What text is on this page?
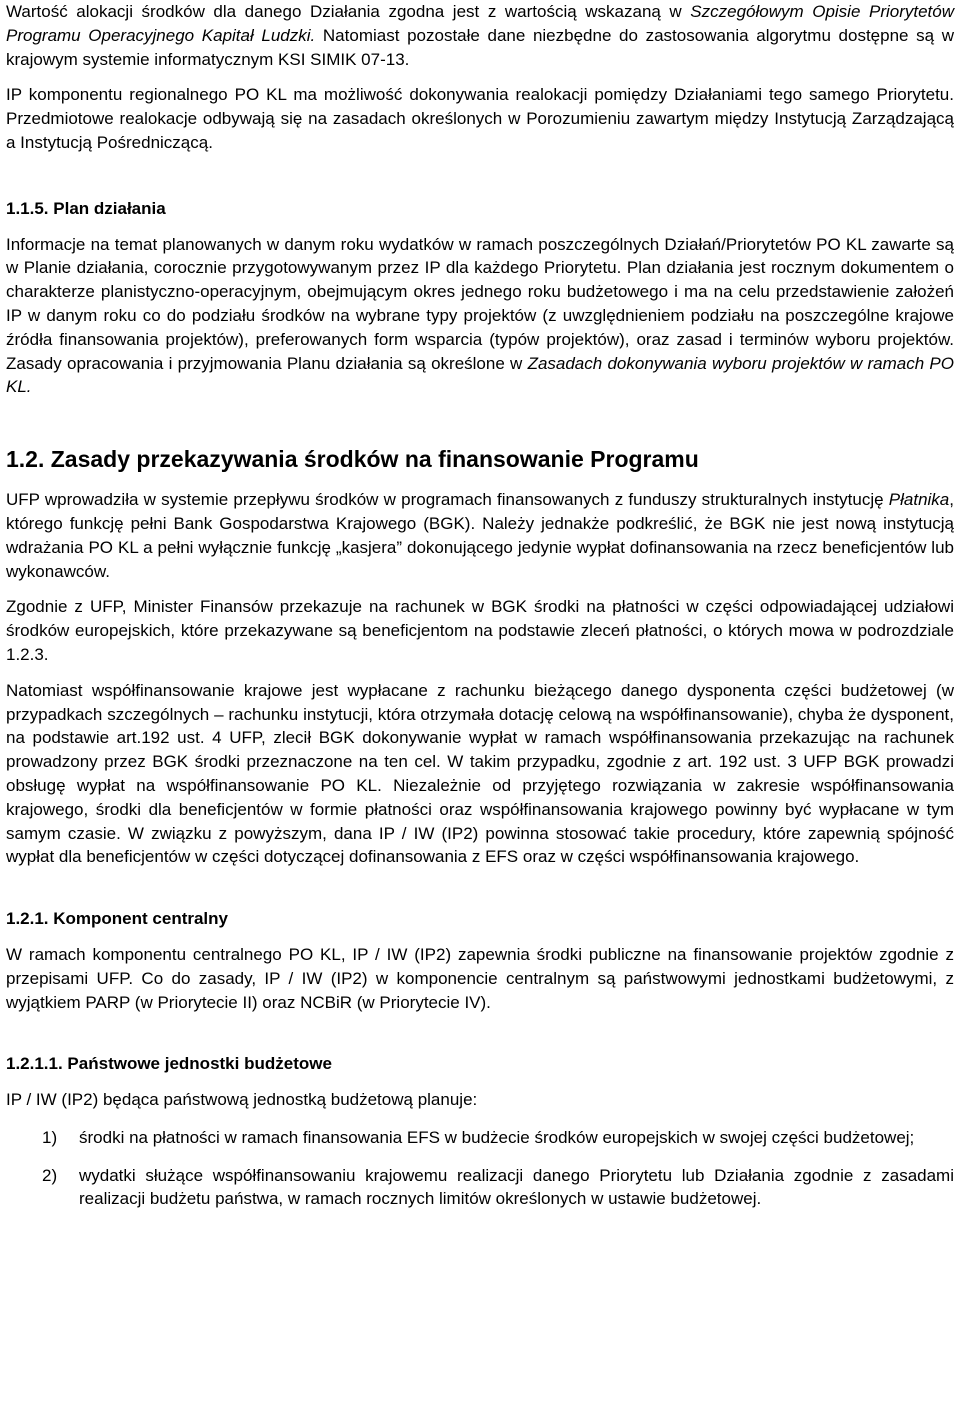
Wartość alokacji środków dla danego Działania zgodna jest z wartością wskazaną w Szczegółowym Opisie Priorytetów Programu Operacyjnego Kapitał Ludzki. Natomiast pozostałe dane niezbędne do zastosowania algorytmu dostępne są w krajowym systemie informatycznym KSI SIMIK 07-13.

IP komponentu regionalnego PO KL ma możliwość dokonywania realokacji pomiędzy Działaniami tego samego Priorytetu. Przedmiotowe realokacje odbywają się na zasadach określonych w Porozumieniu zawartym między Instytucją Zarządzającą a Instytucją Pośredniczącą.

1.1.5. Plan działania

Informacje na temat planowanych w danym roku wydatków w ramach poszczególnych Działań/Priorytetów PO KL zawarte są w Planie działania, corocznie przygotowywanym przez IP dla każdego Priorytetu. Plan działania jest rocznym dokumentem o charakterze planistyczno-operacyjnym, obejmującym okres jednego roku budżetowego i ma na celu przedstawienie założeń IP w danym roku co do podziału środków na wybrane typy projektów (z uwzględnieniem podziału na poszczególne krajowe źródła finansowania projektów), preferowanych form wsparcia (typów projektów), oraz zasad i terminów wyboru projektów. Zasady opracowania i przyjmowania Planu działania są określone w Zasadach dokonywania wyboru projektów w ramach PO KL.

1.2. Zasady przekazywania środków na finansowanie Programu

UFP wprowadziła w systemie przepływu środków w programach finansowanych z funduszy strukturalnych instytucję Płatnika, którego funkcję pełni Bank Gospodarstwa Krajowego (BGK). Należy jednakże podkreślić, że BGK nie jest nową instytucją wdrażania PO KL a pełni wyłącznie funkcję „kasjera” dokonującego jedynie wypłat dofinansowania na rzecz beneficjentów lub wykonawców.

Zgodnie z UFP, Minister Finansów przekazuje na rachunek w BGK środki na płatności w części odpowiadającej udziałowi środków europejskich, które przekazywane są beneficjentom na podstawie zleceń płatności, o których mowa w podrozdziale 1.2.3.

Natomiast współfinansowanie krajowe jest wypłacane z rachunku bieżącego danego dysponenta części budżetowej (w przypadkach szczególnych – rachunku instytucji, która otrzymała dotację celową na współfinansowanie), chyba że dysponent, na podstawie art.192 ust. 4 UFP, zlecił BGK dokonywanie wypłat w ramach współfinansowania przekazując na rachunek prowadzony przez BGK środki przeznaczone na ten cel. W takim przypadku, zgodnie z art. 192 ust. 3 UFP BGK prowadzi obsługę wypłat na współfinansowanie PO KL. Niezależnie od przyjętego rozwiązania w zakresie współfinansowania krajowego, środki dla beneficjentów w formie płatności oraz współfinansowania krajowego powinny być wypłacane w tym samym czasie. W związku z powyższym, dana IP / IW (IP2) powinna stosować takie procedury, które zapewnią spójność wypłat dla beneficjentów w części dotyczącej dofinansowania z EFS oraz w części współfinansowania krajowego.

1.2.1. Komponent centralny

W ramach komponentu centralnego PO KL, IP / IW (IP2) zapewnia środki publiczne na finansowanie projektów zgodnie z przepisami UFP. Co do zasady, IP / IW (IP2) w komponencie centralnym są państwowymi jednostkami budżetowymi, z wyjątkiem PARP (w Priorytecie II) oraz NCBiR (w Priorytecie IV).

1.2.1.1. Państwowe jednostki budżetowe

IP / IW (IP2) będąca państwową jednostką budżetową planuje:

1) środki na płatności w ramach finansowania EFS w budżecie środków europejskich w swojej części budżetowej;
2) wydatki służące współfinansowaniu krajowemu realizacji danego Priorytetu lub Działania zgodnie z zasadami realizacji budżetu państwa, w ramach rocznych limitów określonych w ustawie budżetowej.
